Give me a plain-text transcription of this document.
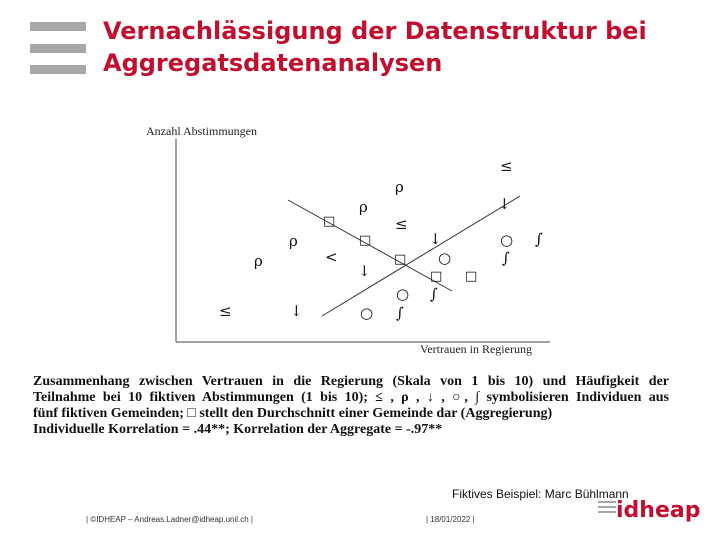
Vernachlässigung der Datenstruktur bei
Aggregatsdatenanalysen
Anzahl Abstimmungen
Vertrauen in Regierung
≤	↓	○ ∫
○ ∫
ρ	<
↓
ρ
ρ
≤
↓
ρ
≤
↓
○ ∫
○	∫
□
□
□
□ □
Zusammenhang zwischen Vertrauen in die Regierung (Skala von 1 bis 10) und Häufigkeit der
Teilnahme bei 10 fiktiven Abstimmungen (1 bis 10); ≤ , ρ , ↓ , ○, ∫ symbolisieren Individuen aus
fünf fiktiven Gemeinden; □ stellt den Durchschnitt einer Gemeinde dar (Aggregierung)
Individuelle Korrelation = .44**; Korrelation der Aggregate = -.97**
Fiktives Beispiel: Marc Bühlmann
| ©IDHEAP – Andreas.Ladner@idheap.unil.ch |	| 18/01/2022 |	idheap
